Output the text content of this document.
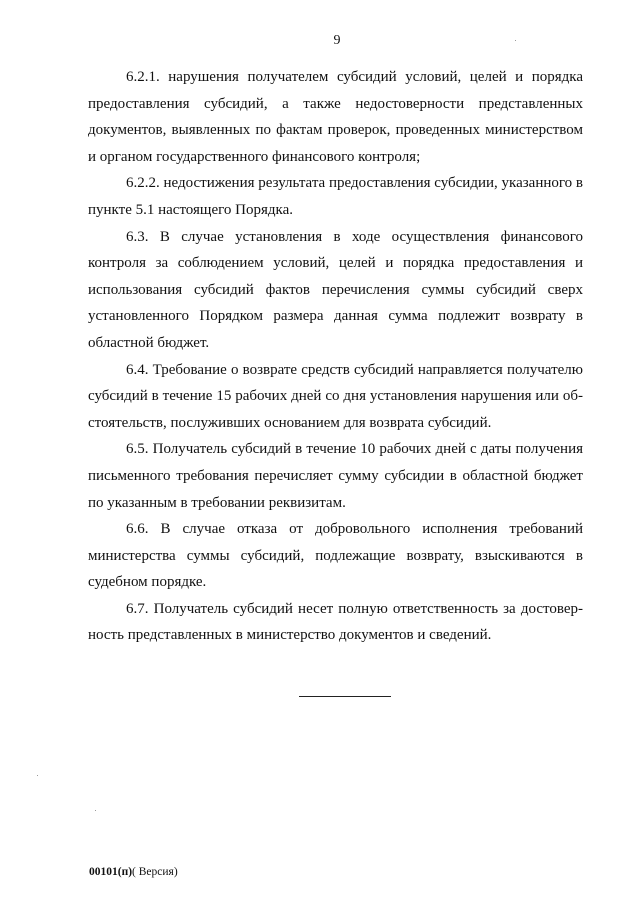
9

6.2.1. нарушения получателем субсидий условий, целей и порядка предоставления субсидий, а также недостоверности представленных документов, выявленных по фактам проверок, проведенных министерством и органом государственного финансового контроля;

6.2.2. недостижения результата предоставления субсидии, указанного в пункте 5.1 настоящего Порядка.

6.3. В случае установления в ходе осуществления финансового контроля за соблюдением условий, целей и порядка предоставления и использования субсидий фактов перечисления суммы субсидий сверх установленного Порядком размера данная сумма подлежит возврату в областной бюджет.

6.4. Требование о возврате средств субсидий направляется получателю субсидий в течение 15 рабочих дней со дня установления нарушения или обстоятельств, послуживших основанием для возврата субсидий.

6.5. Получатель субсидий в течение 10 рабочих дней с даты получения письменного требования перечисляет сумму субсидии в областной бюджет по указанным в требовании реквизитам.

6.6. В случае отказа от добровольного исполнения требований министерства суммы субсидий, подлежащие возврату, взыскиваются в судебном порядке.

6.7. Получатель субсидий несет полную ответственность за достоверность представленных в министерство документов и сведений.

00101(п)( Версия)
